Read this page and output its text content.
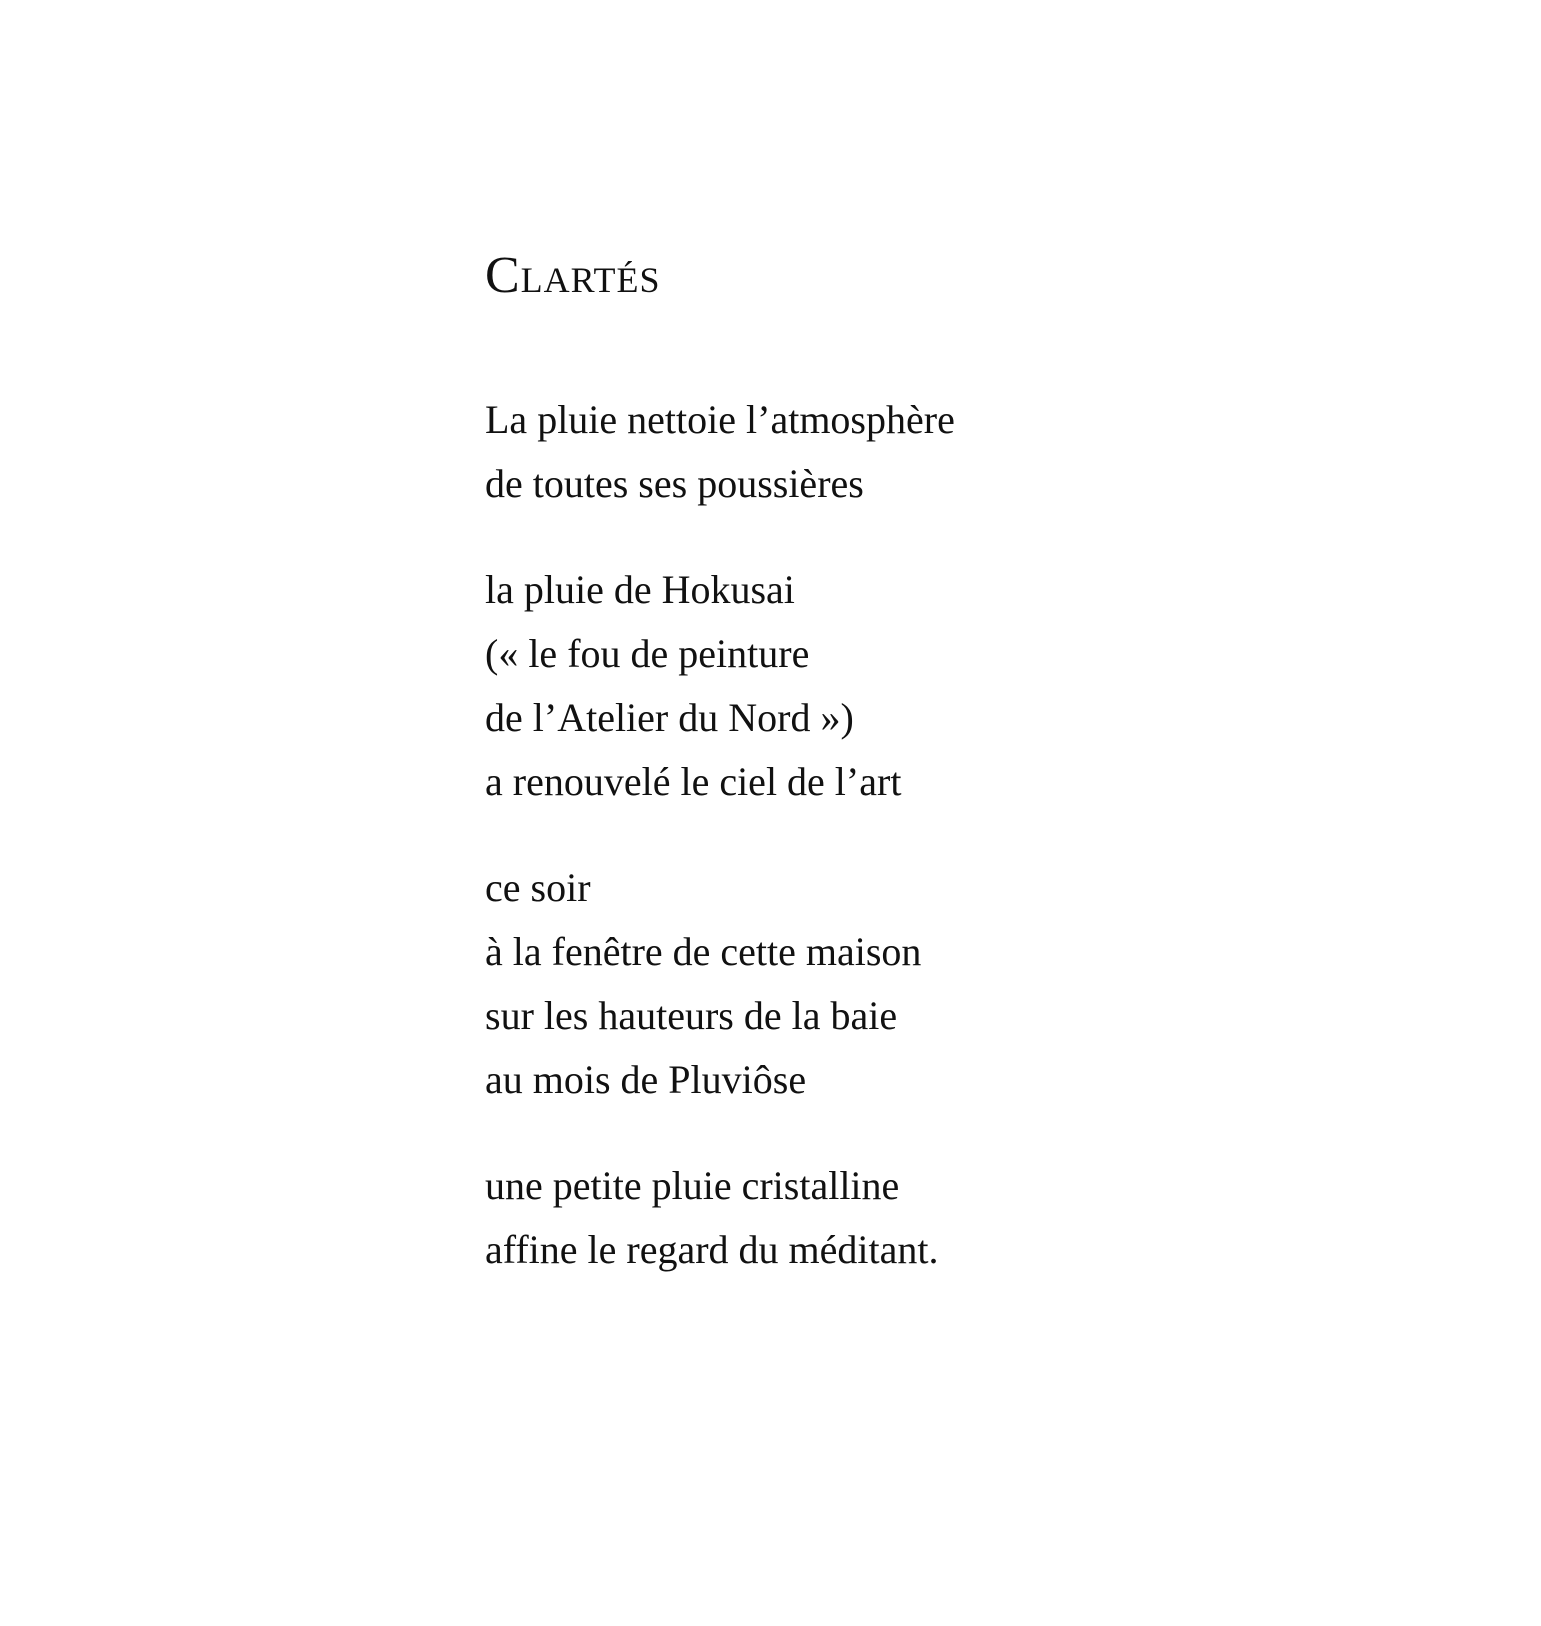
Clartés
La pluie nettoie l’atmosphère
de toutes ses poussières
la pluie de Hokusai
(« le fou de peinture
de l’Atelier du Nord »)
a renouvelé le ciel de l’art
ce soir
à la fenêtre de cette maison
sur les hauteurs de la baie
au mois de Pluviôse
une petite pluie cristalline
affine le regard du méditant.
